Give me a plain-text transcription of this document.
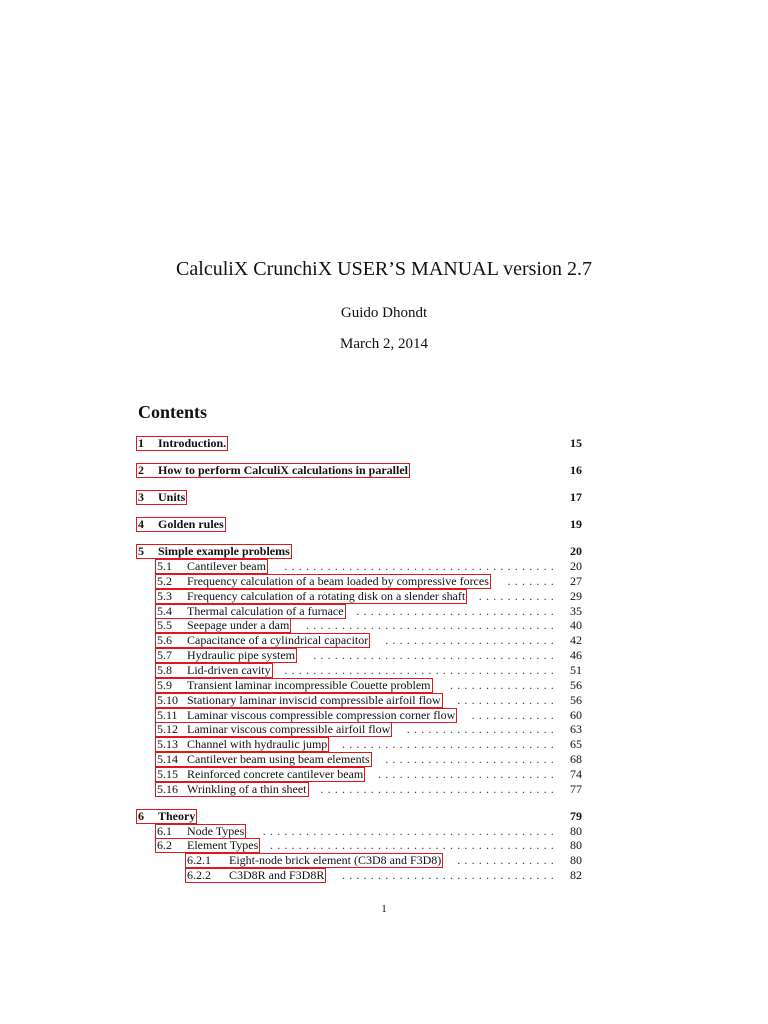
CalculiX CrunchiX USER’S MANUAL version 2.7
Guido Dhondt
March 2, 2014
Contents
1 Introduction.	15
2 How to perform CalculiX calculations in parallel	16
3 Units	17
4 Golden rules	19
5 Simple example problems	20
5.1 Cantilever beam	......................................	20
5.2 Frequency calculation of a beam loaded by compressive forces	.......	27
5.3 Frequency calculation of a rotating disk on a slender shaft ...........	29
5.4 Thermal calculation of a furnace ............................	35
5.5 Seepage under a dam	...................................	40
5.6 Capacitance of a cylindrical capacitor	........................	42
5.7 Hydraulic pipe system	..................................	46
5.8 Lid-driven cavity ......................................	51
5.9 Transient laminar incompressible Couette problem	...............	56
5.10 Stationary laminar inviscid compressible airfoil flow	..............	56
5.11 Laminar viscous compressible compression corner flow	............	60
5.12 Laminar viscous compressible airfoil flow	.....................	63
5.13 Channel with hydraulic jump ..............................	65
5.14 Cantilever beam using beam elements ........................	68
5.15 Reinforced concrete cantilever beam .........................	74
5.16 Wrinkling of a thin sheet .................................	77
6 Theory	79
6.1 Node Types	.........................................	80
6.2 Element Types ........................................	80
6.2.1 Eight-node brick element (C3D8 and F3D8)	..............	80
6.2.2 C3D8R and F3D8R	..............................	82
1
